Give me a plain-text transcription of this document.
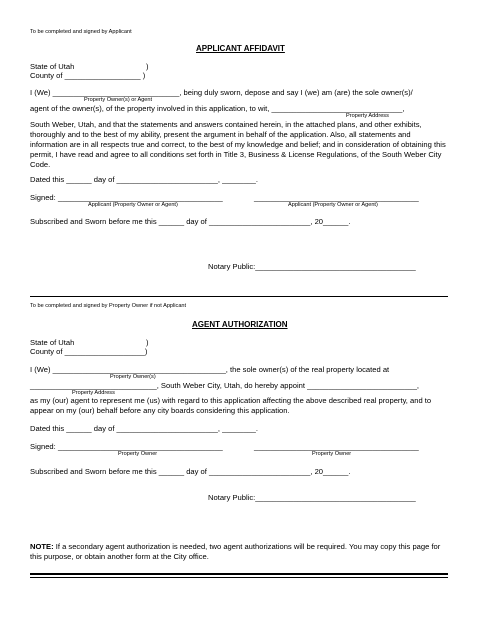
To be completed and signed by Applicant
APPLICANT AFFIDAVIT
State of Utah                                  )
County of __________________ )
I (We) ______________________________, being duly sworn, depose and say I (we) am (are) the sole owner(s)/
Property Owner(s) or Agent
agent of the owner(s), of the property involved in this application, to wit, _______________________________,
Property Address
South Weber, Utah, and that the statements and answers contained herein, in the attached plans, and other exhibits, thoroughly and to the best of my ability, present the argument in behalf of the application. Also, all statements and information are in all respects true and correct, to the best of my knowledge and belief; and in consideration of obtaining this permit, I have read and agree to all conditions set forth in Title 3, Business & License Regulations, of the South Weber City Code.
Dated this ______ day of ________________________, ________.
Signed: _______________________________________	_______________________________________
Applicant (Property Owner or Agent)	Applicant (Property Owner or Agent)
Subscribed and Sworn before me this ______ day of ________________________, 20______.
Notary Public:______________________________________
To be completed and signed by Property Owner if not Applicant
AGENT AUTHORIZATION
State of Utah                                  )
County of ___________________)
I (We) _________________________________________, the sole owner(s) of the real property located at
Property Owner(s)
______________________________, South Weber City, Utah, do hereby appoint __________________________,
Property Address
as my (our) agent to represent me (us) with regard to this application affecting the above described real property, and to appear on my (our) behalf before any city boards considering this application.
Dated this ______ day of ________________________, ________.
Signed: _______________________________________	_______________________________________
Property Owner	Property Owner
Subscribed and Sworn before me this ______ day of ________________________, 20______.
Notary Public:______________________________________
NOTE: If a secondary agent authorization is needed, two agent authorizations will be required. You may copy this page for this purpose, or obtain another form at the City office.
